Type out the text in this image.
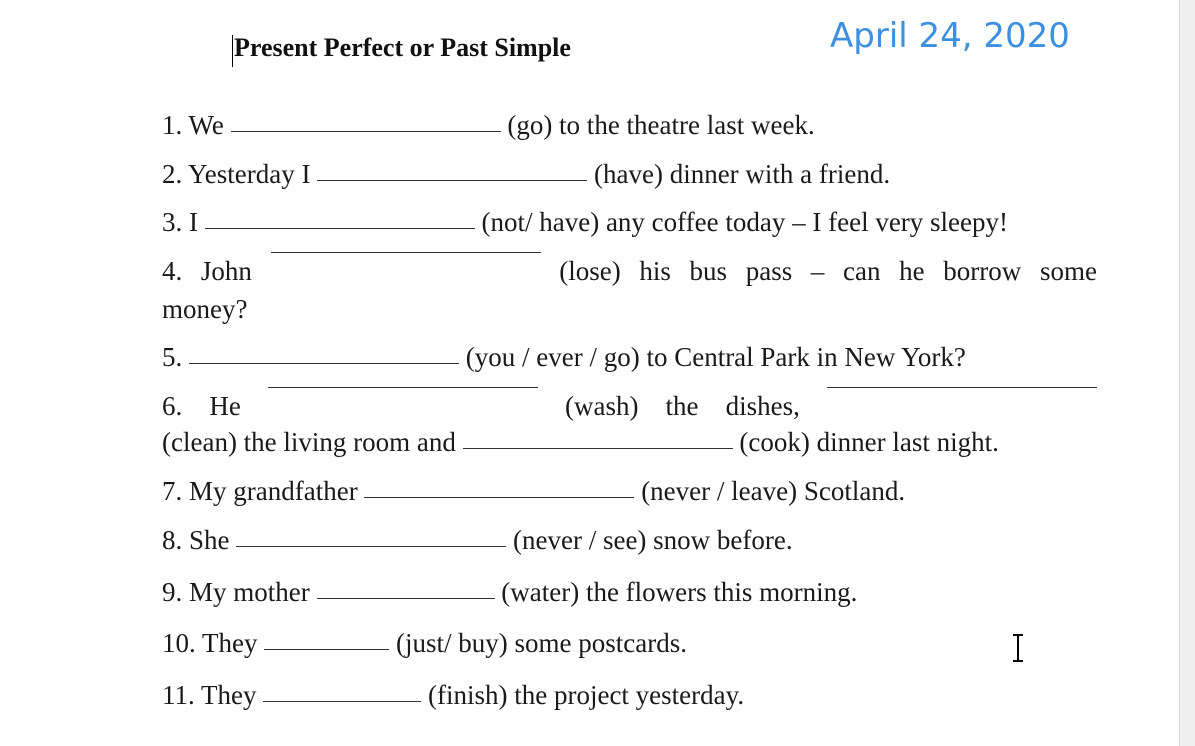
Present Perfect or Past Simple	April 24, 2020
1. We	(go) to the theatre last week.
2. Yesterday I	(have) dinner with a friend.
3. I	(not/ have) any coffee today – I feel very sleepy!
4. John	(lose) his bus pass – can he borrow some
money?
5.	(you / ever / go) to Central Park in New York?
6. He	(wash) the dishes,
(clean) the living room and	(cook) dinner last night.
7. My grandfather	(never / leave) Scotland.
8. She	(never / see) snow before.
9. My mother	(water) the flowers this morning.
10. They	(just/ buy) some postcards.
11. They	(finish) the project yesterday.
